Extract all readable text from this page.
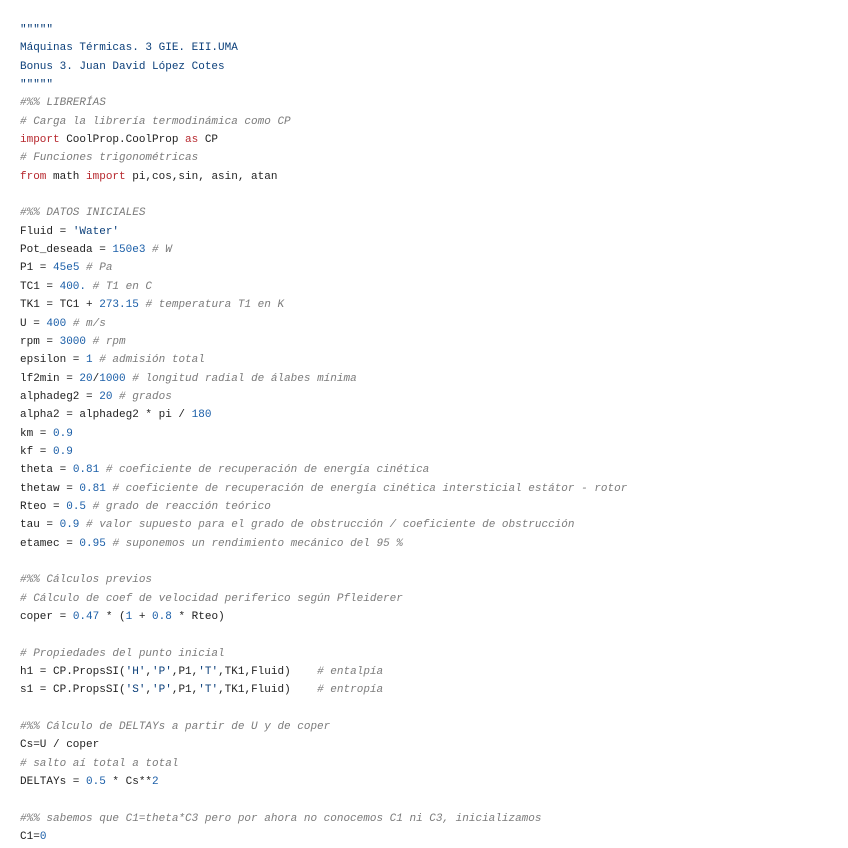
"""""
Máquinas Térmicas. 3 GIE. EII.UMA
Bonus 3. Juan David López Cotes
"""""
#%% LIBRERÍAS
# Carga la librería termodinámica como CP
import CoolProp.CoolProp as CP
# Funciones trigonométricas
from math import pi,cos,sin, asin, atan

#%% DATOS INICIALES
Fluid = 'Water'
Pot_deseada = 150e3 # W
P1 = 45e5 # Pa
TC1 = 400. # T1 en C
TK1 = TC1 + 273.15 # temperatura T1 en K
U = 400 # m/s
rpm = 3000 # rpm
epsilon = 1 # admisión total
lf2min = 20/1000 # longitud radial de álabes mínima
alphadeg2 = 20 # grados
alpha2 = alphadeg2 * pi / 180
km = 0.9
kf = 0.9
theta = 0.81 # coeficiente de recuperación de energía cinética
thetaw = 0.81 # coeficiente de recuperación de energía cinética intersticial estátor - rotor
Rteo = 0.5 # grado de reacción teórico
tau = 0.9 # valor supuesto para el grado de obstrucción / coeficiente de obstrucción
etamec = 0.95 # suponemos un rendimiento mecánico del 95 %

#%% Cálculos previos
# Cálculo de coef de velocidad periferico según Pfleiderer
coper = 0.47 * (1 + 0.8 * Rteo)

# Propiedades del punto inicial
h1 = CP.PropsSI('H','P',P1,'T',TK1,Fluid)    # entalpía
s1 = CP.PropsSI('S','P',P1,'T',TK1,Fluid)    # entropía

#%% Cálculo de DELTAYs a partir de U y de coper
Cs=U / coper
# salto aí total a total
DELTAYs = 0.5 * Cs**2

#%% sabemos que C1=theta*C3 pero por ahora no conocemos C1 ni C3, inicializamos
C1=0
